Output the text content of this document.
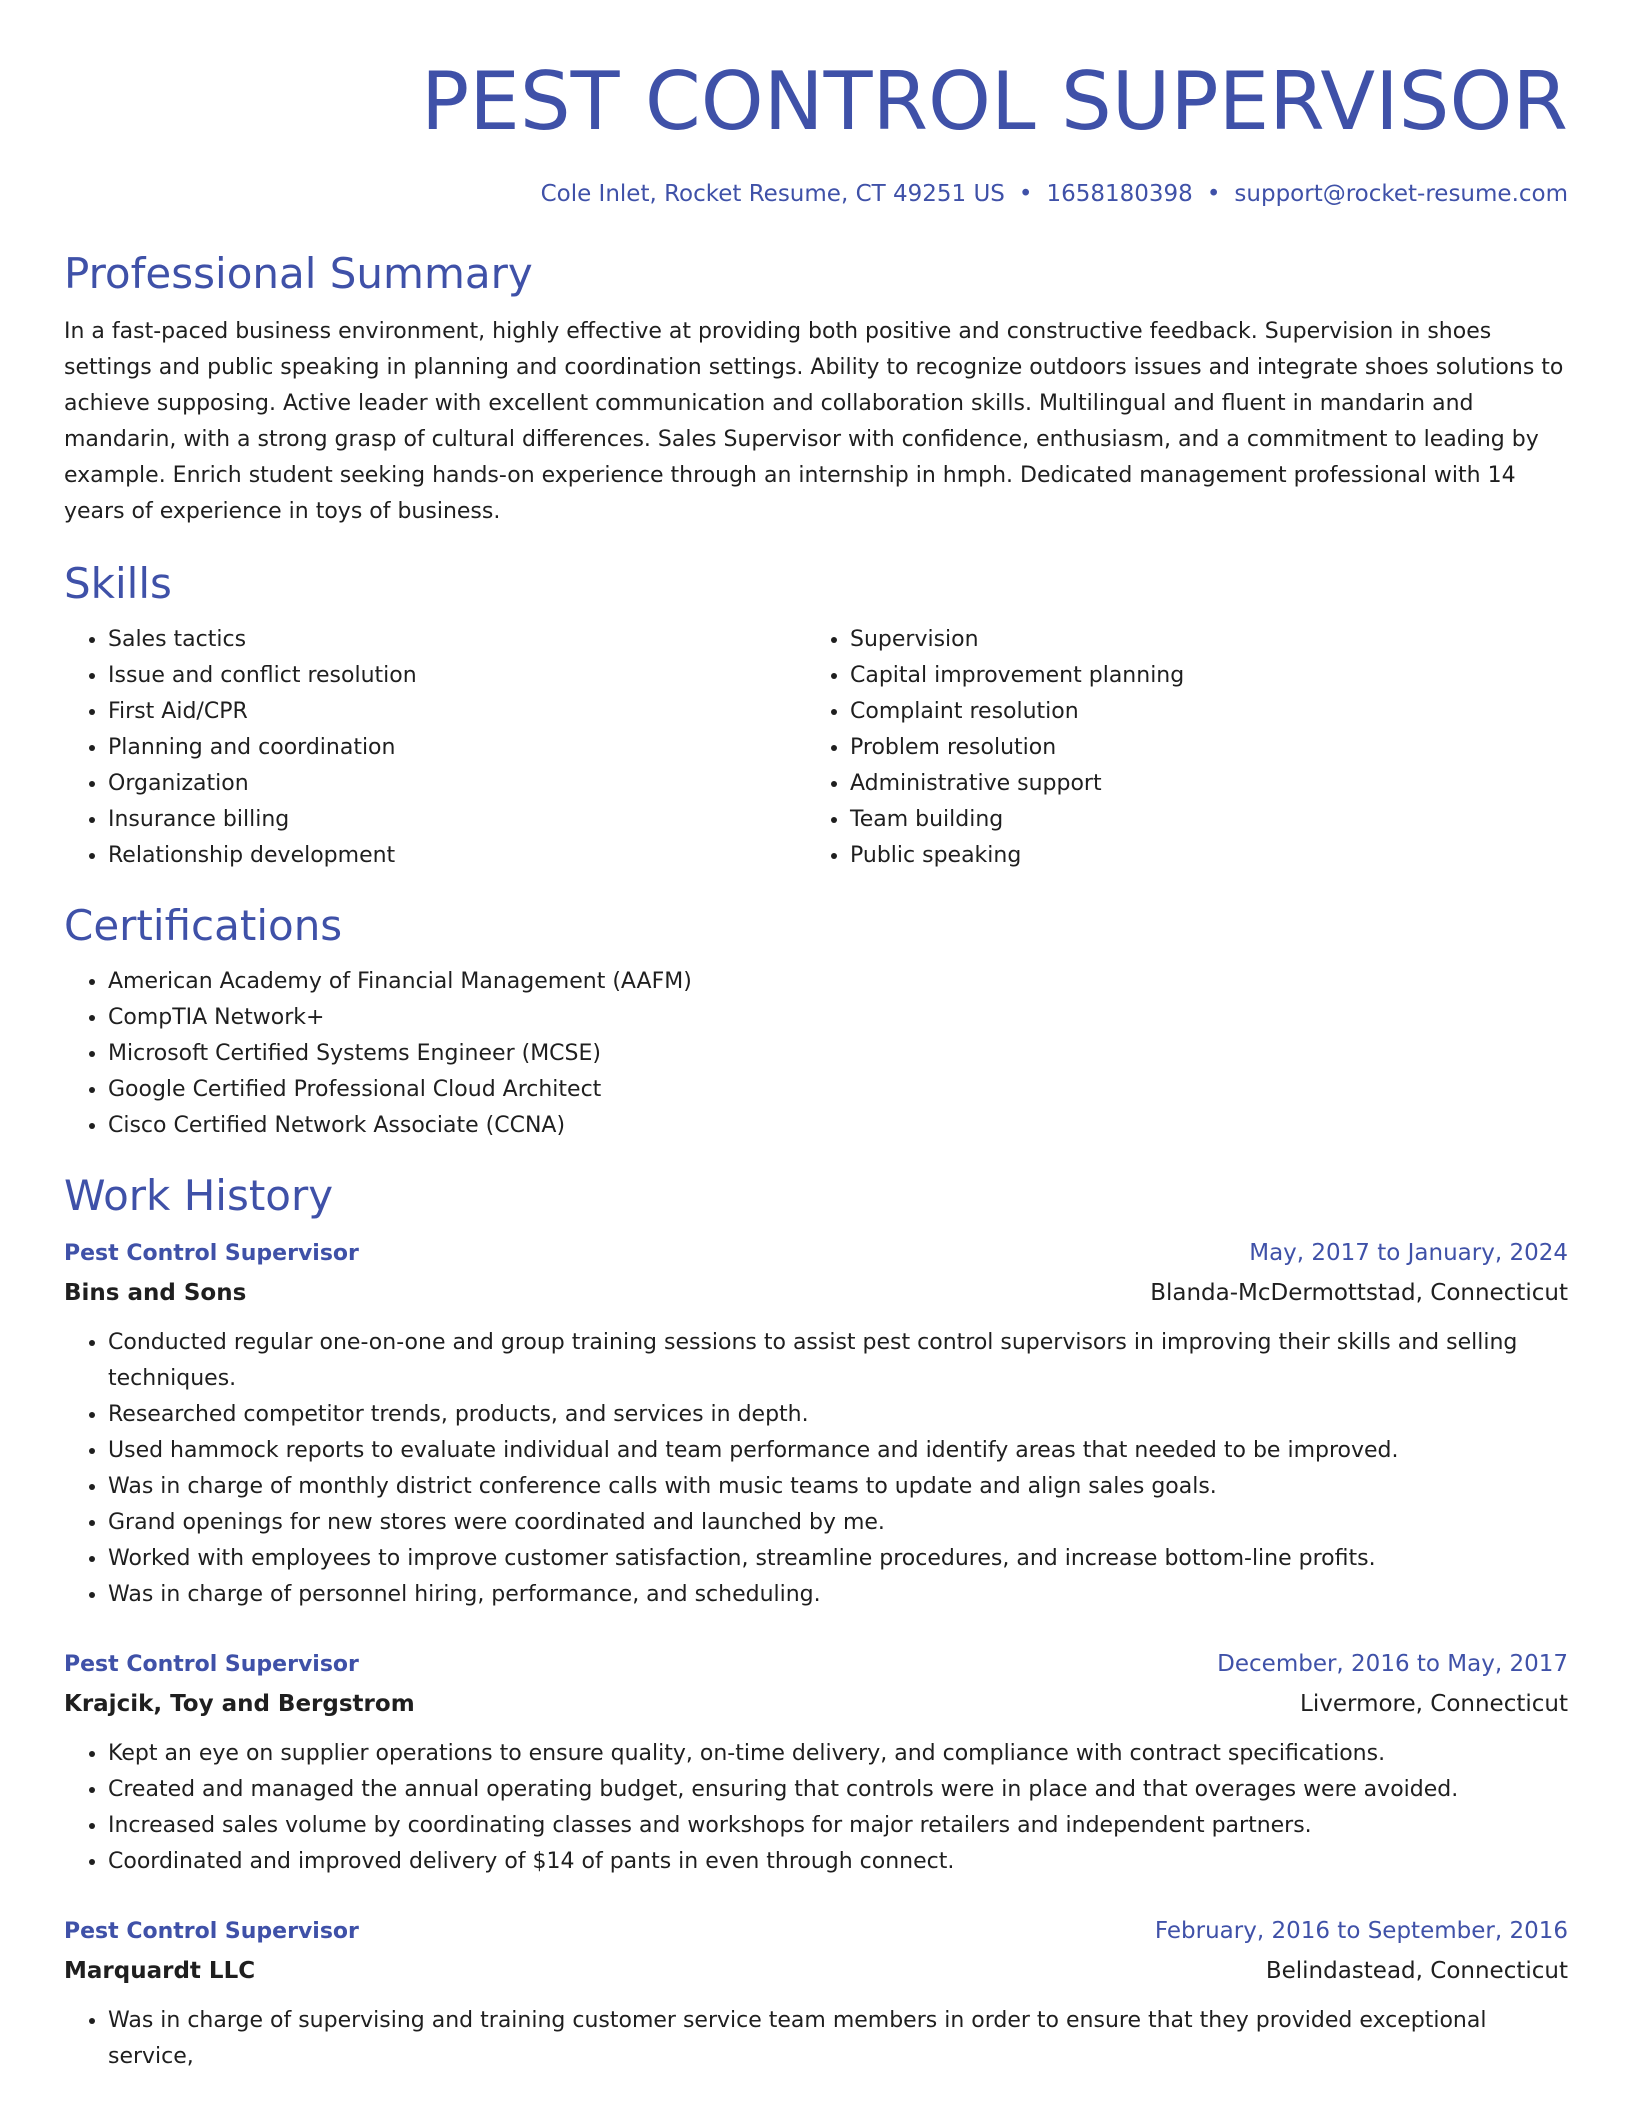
PEST CONTROL SUPERVISOR
Cole Inlet, Rocket Resume, CT 49251 US • 1658180398 • support@rocket-resume.com
Professional Summary
In a fast-paced business environment, highly effective at providing both positive and constructive feedback. Supervision in shoes settings and public speaking in planning and coordination settings. Ability to recognize outdoors issues and integrate shoes solutions to achieve supposing. Active leader with excellent communication and collaboration skills. Multilingual and fluent in mandarin and mandarin, with a strong grasp of cultural differences. Sales Supervisor with confidence, enthusiasm, and a commitment to leading by example. Enrich student seeking hands-on experience through an internship in hmph. Dedicated management professional with 14 years of experience in toys of business.
Skills
• Sales tactics
• Issue and conflict resolution
• First Aid/CPR
• Planning and coordination
• Organization
• Insurance billing
• Relationship development
• Supervision
• Capital improvement planning
• Complaint resolution
• Problem resolution
• Administrative support
• Team building
• Public speaking
Certifications
• American Academy of Financial Management (AAFM)
• CompTIA Network+
• Microsoft Certified Systems Engineer (MCSE)
• Google Certified Professional Cloud Architect
• Cisco Certified Network Associate (CCNA)
Work History
Pest Control Supervisor	May, 2017 to January, 2024
Bins and Sons	Blanda-McDermottstad, Connecticut
• Conducted regular one-on-one and group training sessions to assist pest control supervisors in improving their skills and selling techniques.
• Researched competitor trends, products, and services in depth.
• Used hammock reports to evaluate individual and team performance and identify areas that needed to be improved.
• Was in charge of monthly district conference calls with music teams to update and align sales goals.
• Grand openings for new stores were coordinated and launched by me.
• Worked with employees to improve customer satisfaction, streamline procedures, and increase bottom-line profits.
• Was in charge of personnel hiring, performance, and scheduling.
Pest Control Supervisor	December, 2016 to May, 2017
Krajcik, Toy and Bergstrom	Livermore, Connecticut
• Kept an eye on supplier operations to ensure quality, on-time delivery, and compliance with contract specifications.
• Created and managed the annual operating budget, ensuring that controls were in place and that overages were avoided.
• Increased sales volume by coordinating classes and workshops for major retailers and independent partners.
• Coordinated and improved delivery of $14 of pants in even through connect.
Pest Control Supervisor	February, 2016 to September, 2016
Marquardt LLC	Belindastead, Connecticut
• Was in charge of supervising and training customer service team members in order to ensure that they provided exceptional service,
